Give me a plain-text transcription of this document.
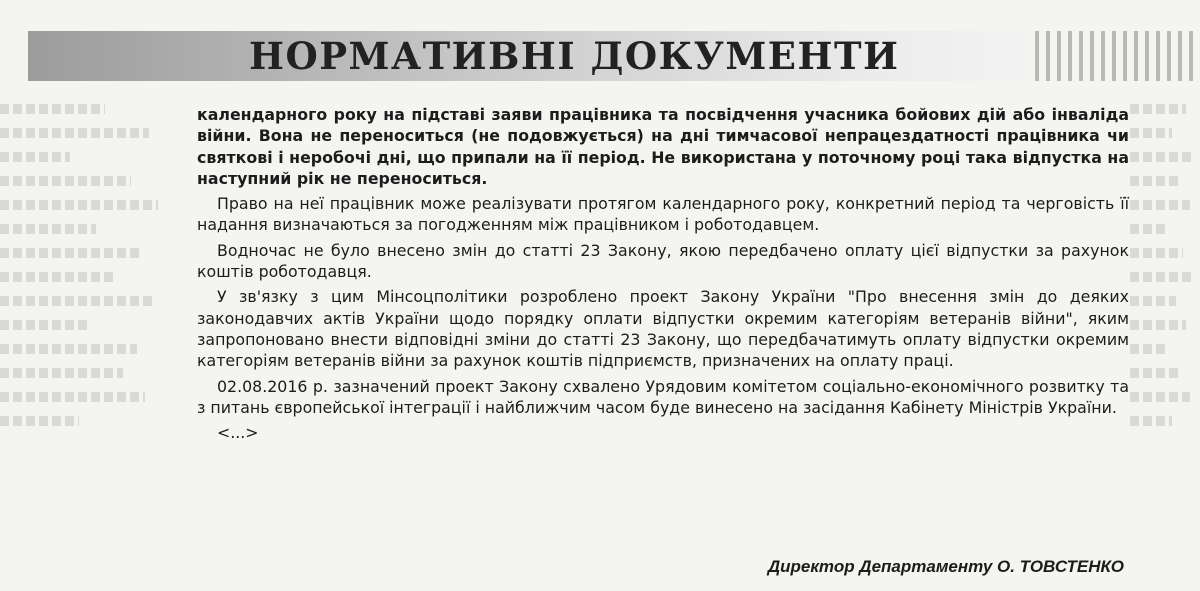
НОРМАТИВНІ ДОКУМЕНТИ

календарного року на підставі заяви працівника та посвідчення учасника бойових дій або інваліда війни. Вона не переноситься (не подовжується) на дні тимчасової непрацездатності працівника чи святкові і неробочі дні, що припали на її період. Не використана у поточному році така відпустка на наступний рік не переноситься.

Право на неї працівник може реалізувати протягом календарного року, конкретний період та черговість її надання визначаються за погодженням між працівником і роботодавцем.

Водночас не було внесено змін до статті 23 Закону, якою передбачено оплату цієї відпустки за рахунок коштів роботодавця.

У зв'язку з цим Мінсоцполітики розроблено проект Закону України "Про внесення змін до деяких законодавчих актів України щодо порядку оплати відпустки окремим категоріям ветеранів війни", яким запропоновано внести відповідні зміни до статті 23 Закону, що передбачатимуть оплату відпустки окремим категоріям ветеранів війни за рахунок коштів підприємств, призначених на оплату праці.

02.08.2016 р. зазначений проект Закону схвалено Урядовим комітетом соціально-економічного розвитку та з питань європейської інтеграції і найближчим часом буде винесено на засідання Кабінету Міністрів України.

<...>

Директор Департаменту О. ТОВСТЕНКО
